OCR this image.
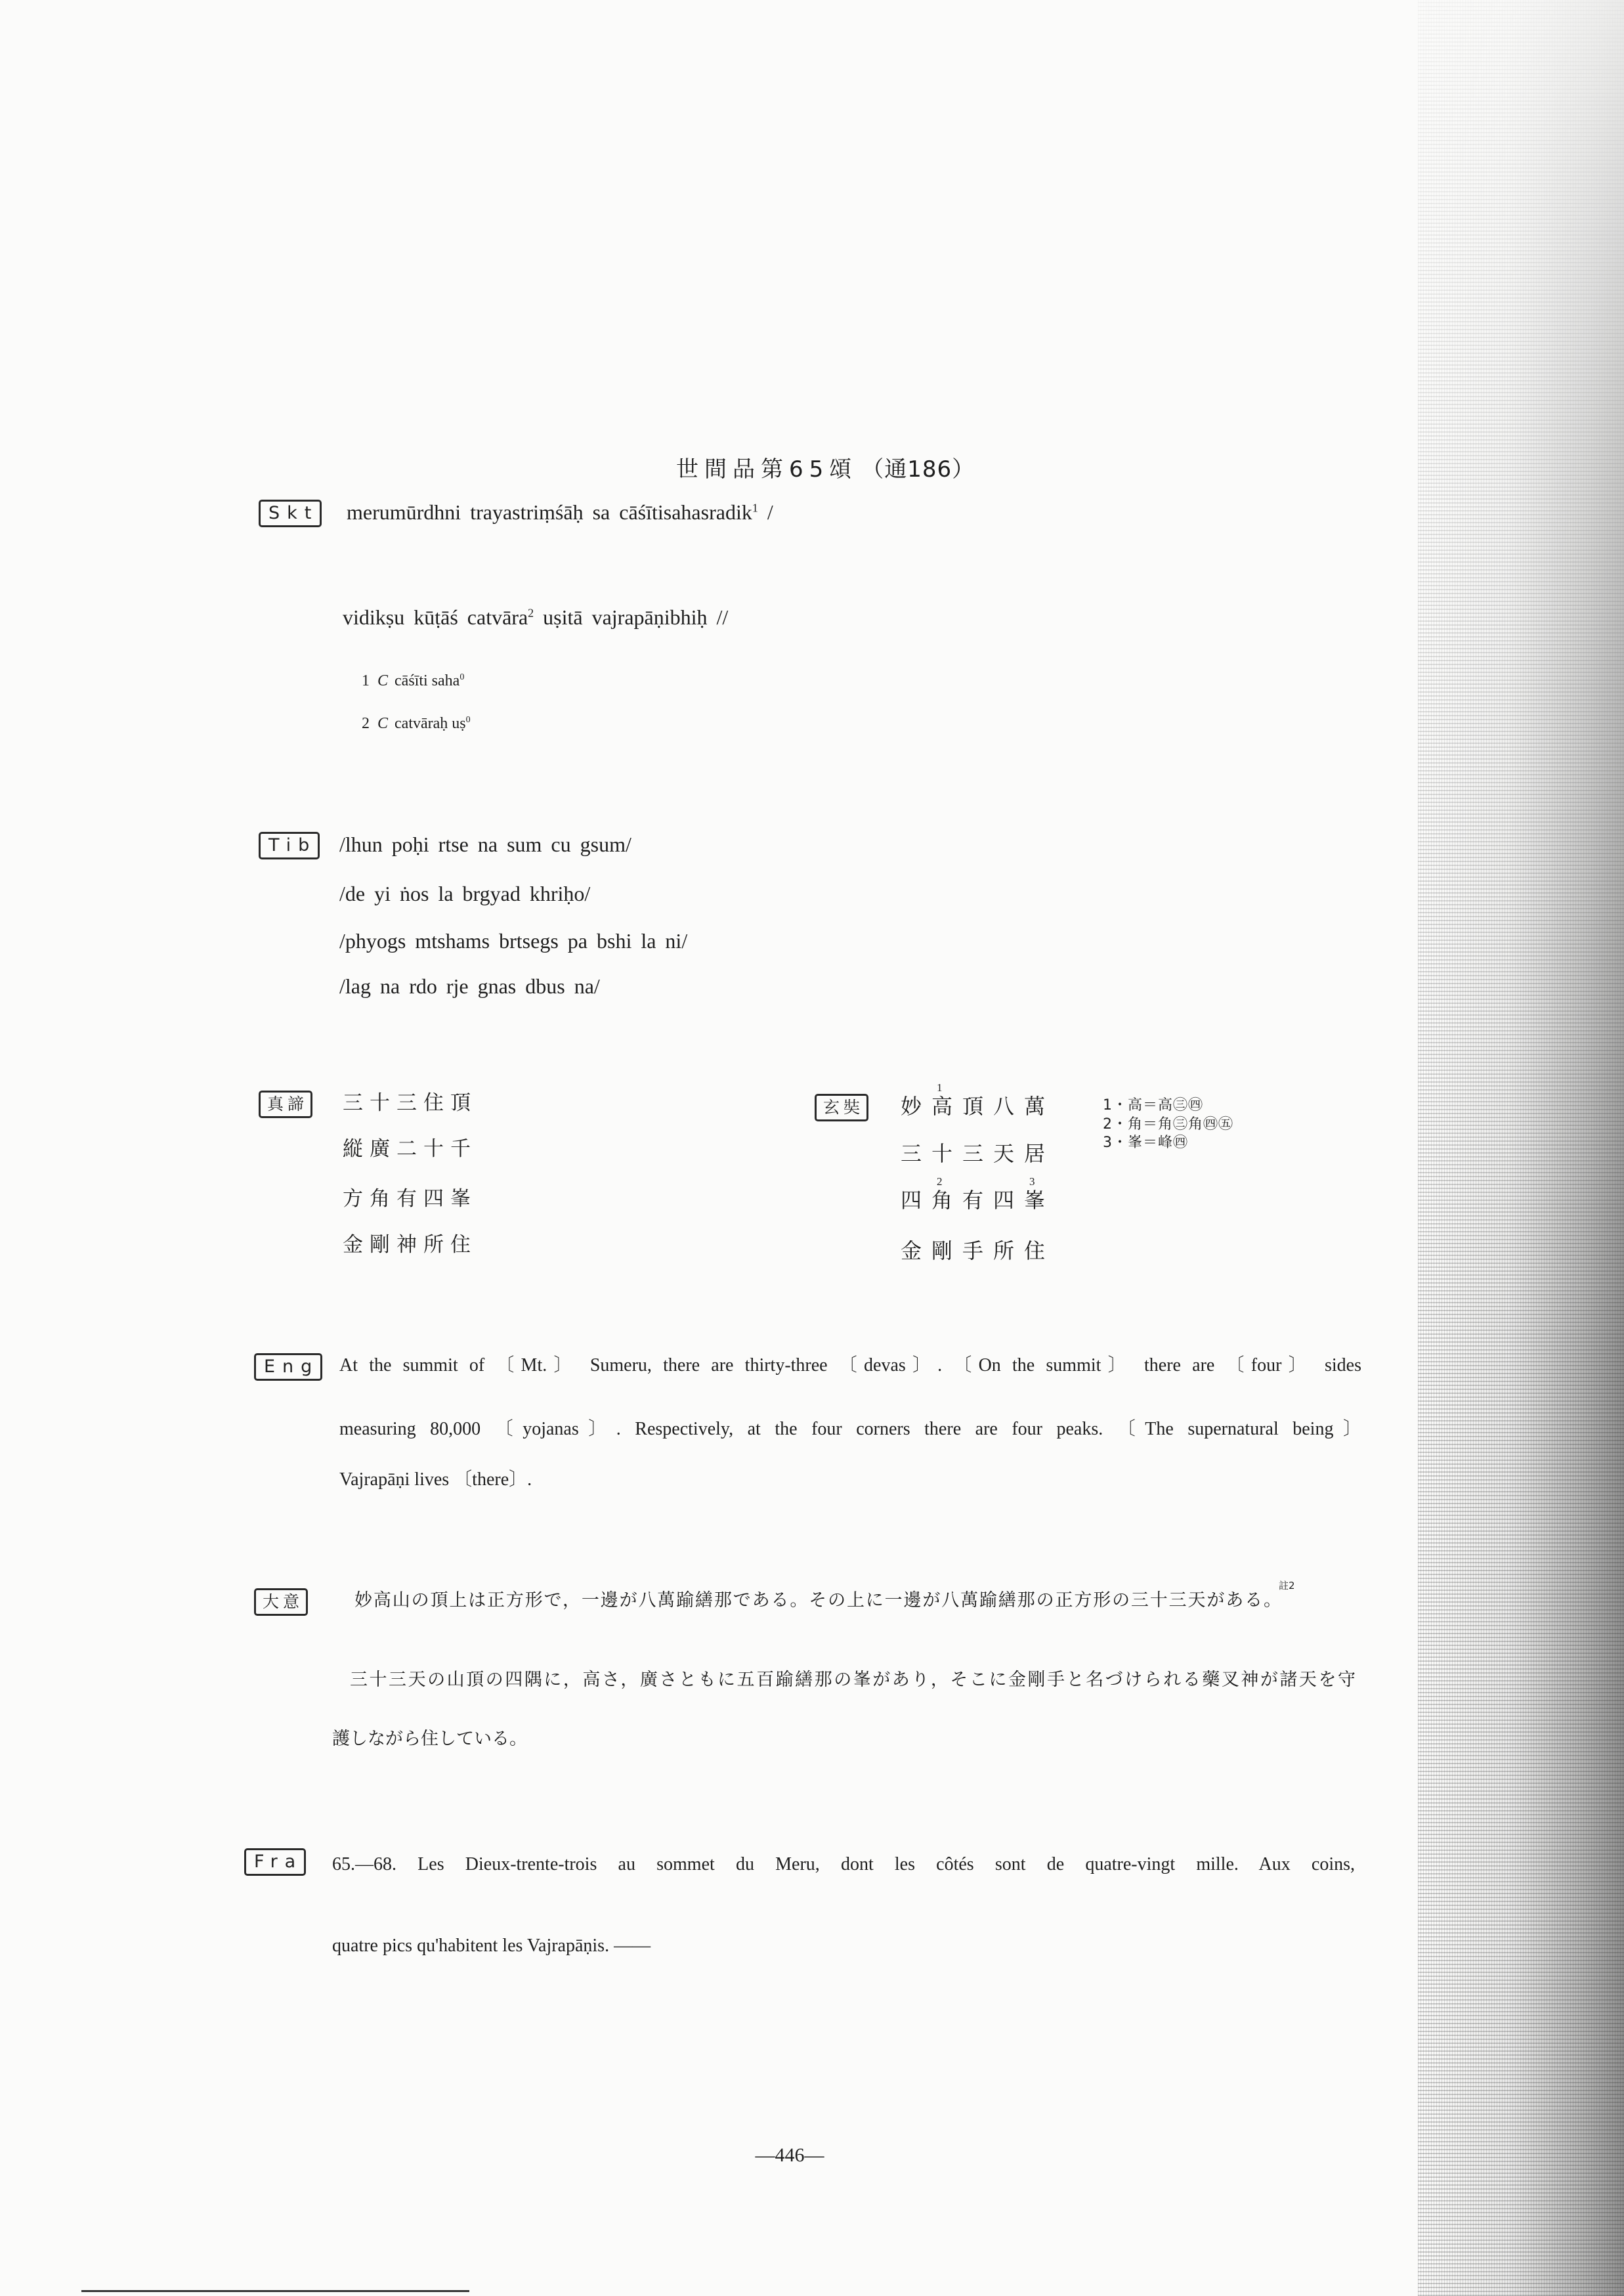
世間品第65頌 （通186）
Skt merumūrdhni trayastriṃśāḥ sa cāśītisahasradik$^1$ /
vidikṣu kūṭāś catvāra$^2$ uṣitā vajrapāṇibhiḥ //
1 C cāśīti saha$^0$
2 C catvāraḥ uṣ$^0$
Tib /lhun poḥi rtse na sum cu gsum/
/de yi ṅos la brgyad khriḥo/
/phyogs mtshams brtsegs pa bshi la ni/
/lag na rdo rje gnas dbus na/
真諦 三十三住頂
縦廣二十千
方角有四峯
金剛神所住
玄奘 妙高
1
頂八萬
三十三天居
四角
2
有四峯
3
金剛手所住
1・高＝高㊂㊃
2・角＝角㊂角㊃㊄
3・峯＝峰㊃
Eng At the summit of 〔Mt.〕 Sumeru, there are thirty-three 〔devas〕. 〔On the summit〕 there are 〔four〕 sides
measuring 80,000 〔yojanas〕. Respectively, at the four corners there are four peaks. 〔The supernatural being〕
Vajrapāṇi lives 〔there〕.
大意	妙高山の頂上は正方形で，一邊が八萬踰繕那である。その上に一邊が八萬踰繕那の正方形の三十三天がある。
註2
三十三天の山頂の四隅に，高さ，廣さともに五百踰繕那の峯があり，そこに金剛手と名づけられる藥叉神が諸天を守
護しながら住している。
Fra 65.—68. Les Dieux-trente-trois au sommet du Meru, dont les côtés sont de quatre-vingt mille. Aux coins,
quatre pics qu'habitent les Vajrapāṇis. ——
—446—
